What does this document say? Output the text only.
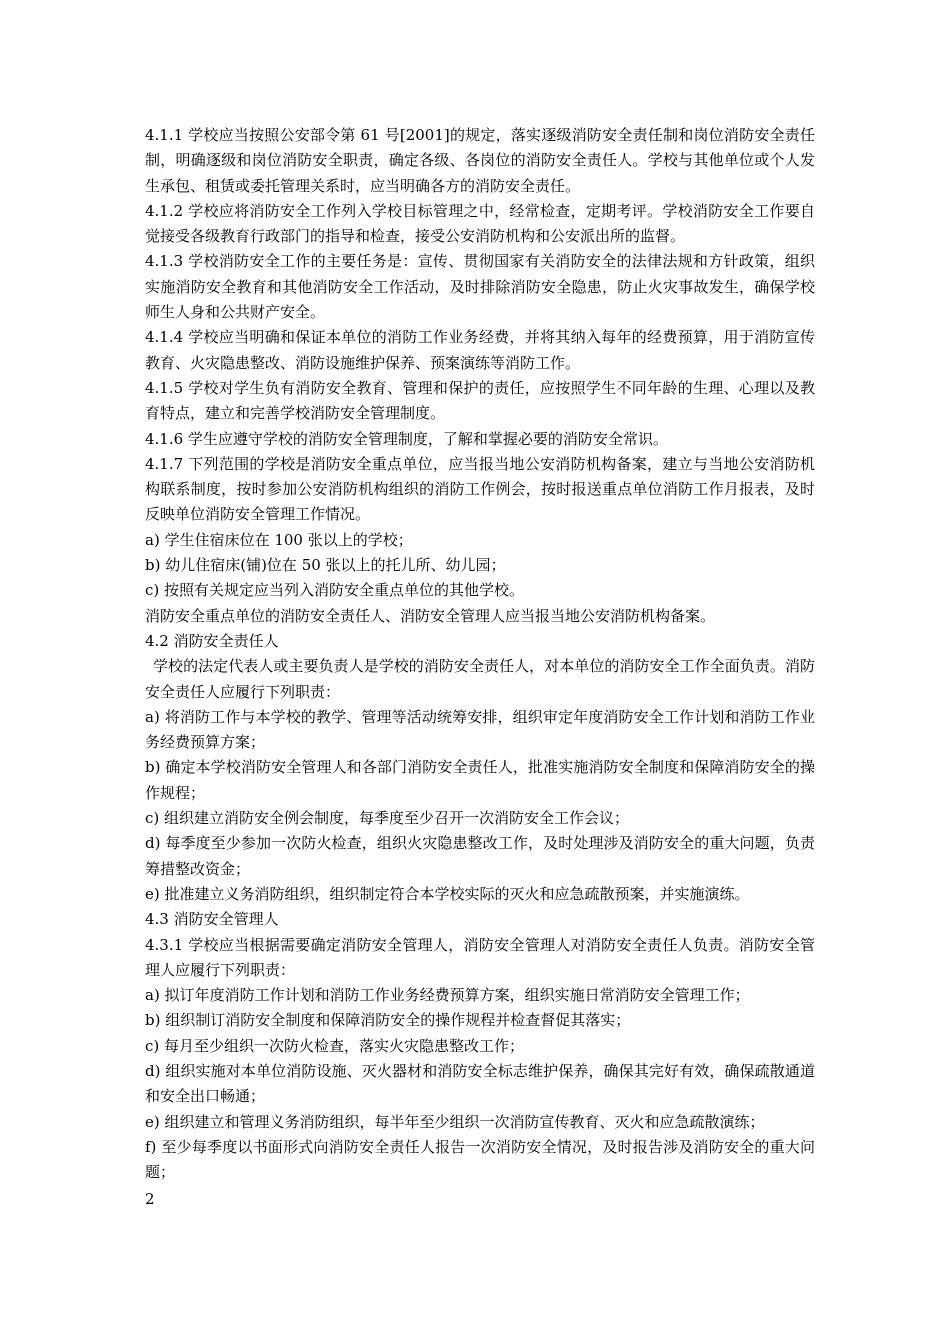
4.1.1 学校应当按照公安部令第 61 号[2001]的规定，落实逐级消防安全责任制和岗位消防安全责任制，明确逐级和岗位消防安全职责，确定各级、各岗位的消防安全责任人。学校与其他单位或个人发生承包、租赁或委托管理关系时，应当明确各方的消防安全责任。

4.1.2 学校应将消防安全工作列入学校目标管理之中，经常检查，定期考评。学校消防安全工作要自觉接受各级教育行政部门的指导和检查，接受公安消防机构和公安派出所的监督。

4.1.3 学校消防安全工作的主要任务是：宣传、贯彻国家有关消防安全的法律法规和方针政策，组织实施消防安全教育和其他消防安全工作活动，及时排除消防安全隐患，防止火灾事故发生，确保学校师生人身和公共财产安全。

4.1.4 学校应当明确和保证本单位的消防工作业务经费，并将其纳入每年的经费预算，用于消防宣传教育、火灾隐患整改、消防设施维护保养、预案演练等消防工作。

4.1.5 学校对学生负有消防安全教育、管理和保护的责任，应按照学生不同年龄的生理、心理以及教育特点，建立和完善学校消防安全管理制度。

4.1.6 学生应遵守学校的消防安全管理制度，了解和掌握必要的消防安全常识。

4.1.7 下列范围的学校是消防安全重点单位，应当报当地公安消防机构备案，建立与当地公安消防机构联系制度，按时参加公安消防机构组织的消防工作例会，按时报送重点单位消防工作月报表，及时反映单位消防安全管理工作情况。

a) 学生住宿床位在 100 张以上的学校；

b) 幼儿住宿床(铺)位在 50 张以上的托儿所、幼儿园；

c) 按照有关规定应当列入消防安全重点单位的其他学校。

消防安全重点单位的消防安全责任人、消防安全管理人应当报当地公安消防机构备案。

4.2 消防安全责任人

学校的法定代表人或主要负责人是学校的消防安全责任人，对本单位的消防安全工作全面负责。消防安全责任人应履行下列职责：

a) 将消防工作与本学校的教学、管理等活动统筹安排，组织审定年度消防安全工作计划和消防工作业务经费预算方案；

b) 确定本学校消防安全管理人和各部门消防安全责任人，批准实施消防安全制度和保障消防安全的操作规程；

c) 组织建立消防安全例会制度，每季度至少召开一次消防安全工作会议；

d) 每季度至少参加一次防火检查，组织火灾隐患整改工作，及时处理涉及消防安全的重大问题，负责筹措整改资金；

e) 批准建立义务消防组织，组织制定符合本学校实际的灭火和应急疏散预案，并实施演练。

4.3 消防安全管理人

4.3.1 学校应当根据需要确定消防安全管理人，消防安全管理人对消防安全责任人负责。消防安全管理人应履行下列职责：

a) 拟订年度消防工作计划和消防工作业务经费预算方案，组织实施日常消防安全管理工作；

b) 组织制订消防安全制度和保障消防安全的操作规程并检查督促其落实；

c) 每月至少组织一次防火检查，落实火灾隐患整改工作；

d) 组织实施对本单位消防设施、灭火器材和消防安全标志维护保养，确保其完好有效，确保疏散通道和安全出口畅通；

e) 组织建立和管理义务消防组织，每半年至少组织一次消防宣传教育、灭火和应急疏散演练；

f) 至少每季度以书面形式向消防安全责任人报告一次消防安全情况，及时报告涉及消防安全的重大问题；

2
